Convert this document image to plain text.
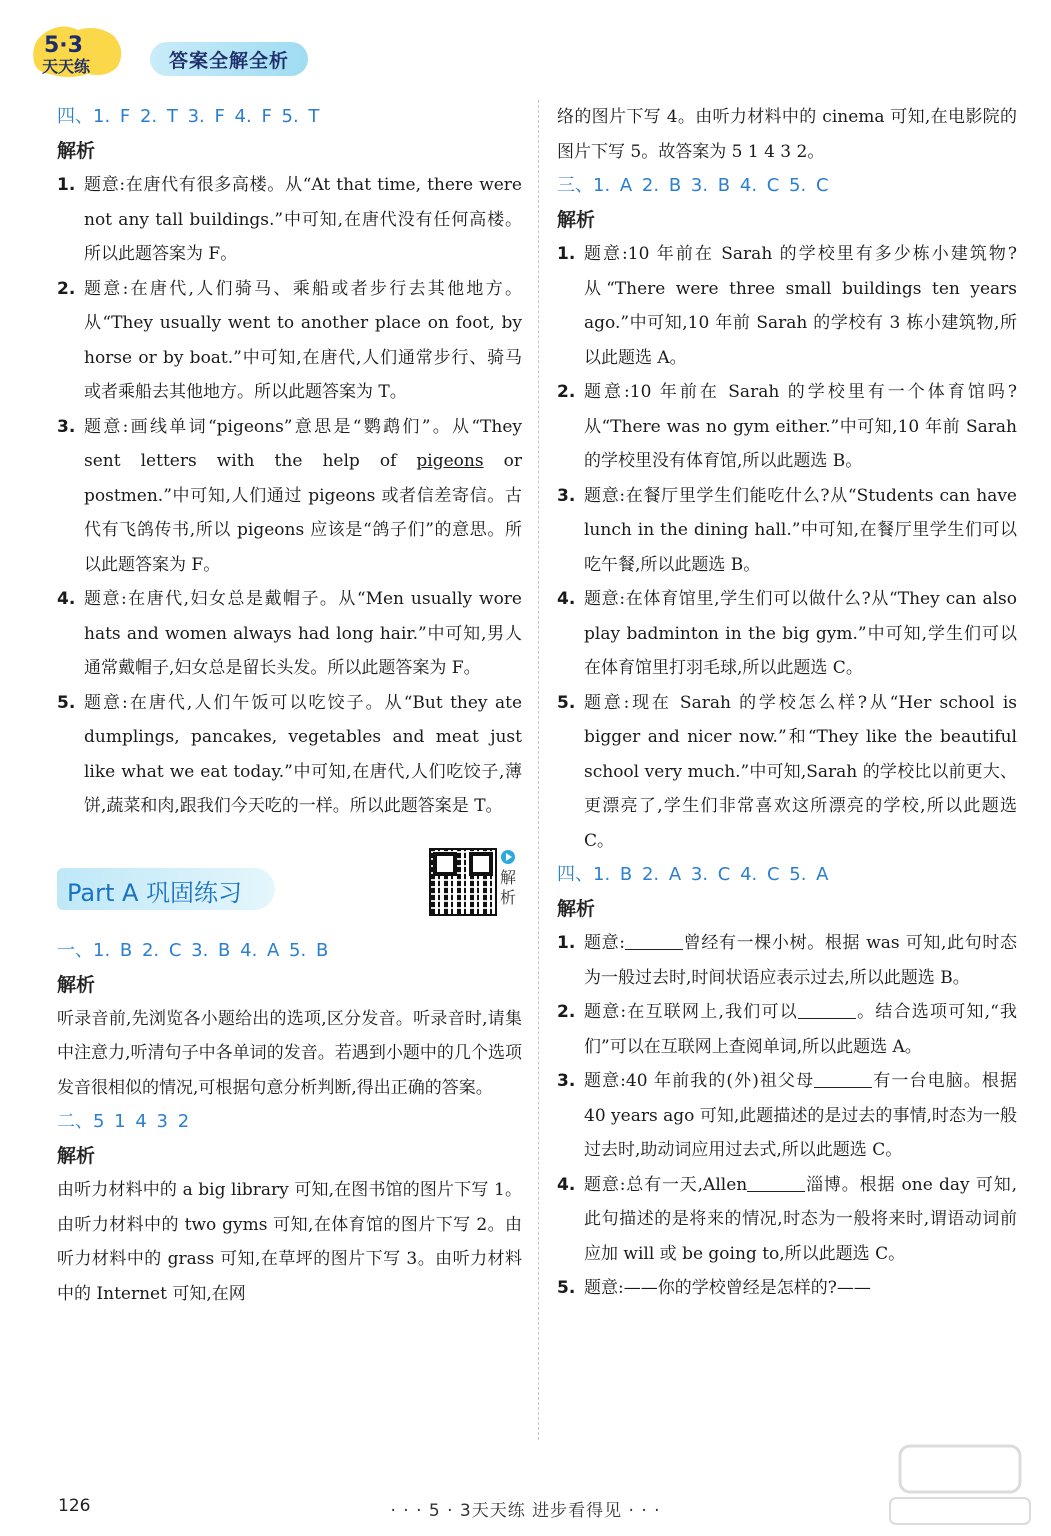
5·3
天天练	答案全解全析
四、1. F 2. T 3. F 4. F 5. T
解析
1. 题意:在唐代有很多高楼。从“At that time, there were not any tall buildings.”中可知,在唐代没有任何高楼。所以此题答案为 F。
2. 题意:在唐代,人们骑马、乘船或者步行去其他地方。从“They usually went to another place on foot, by horse or by boat.”中可知,在唐代,人们通常步行、骑马或者乘船去其他地方。所以此题答案为 T。
3. 题意:画线单词“pigeons”意思是“鹦鹉们”。从“They sent letters with the help of pigeons or postmen.”中可知,人们通过 pigeons 或者信差寄信。古代有飞鸽传书,所以 pigeons 应该是“鸽子们”的意思。所以此题答案为 F。
4. 题意:在唐代,妇女总是戴帽子。从“Men usually wore hats and women always had long hair.”中可知,男人通常戴帽子,妇女总是留长头发。所以此题答案为 F。
5. 题意:在唐代,人们午饭可以吃饺子。从“But they ate dumplings, pancakes, vegetables and meat just like what we eat today.”中可知,在唐代,人们吃饺子,薄饼,蔬菜和肉,跟我们今天吃的一样。所以此题答案是 T。
Part A 巩固练习
解析
一、1. B 2. C 3. B 4. A 5. B
解析
听录音前,先浏览各小题给出的选项,区分发音。听录音时,请集中注意力,听清句子中各单词的发音。若遇到小题中的几个选项发音很相似的情况,可根据句意分析判断,得出正确的答案。
二、5 1 4 3 2
解析
由听力材料中的 a big library 可知,在图书馆的图片下写 1。由听力材料中的 two gyms 可知,在体育馆的图片下写 2。由听力材料中的 grass 可知,在草坪的图片下写 3。由听力材料中的 Internet 可知,在网
络的图片下写 4。由听力材料中的 cinema 可知,在电影院的图片下写 5。故答案为 5 1 4 3 2。
三、1. A 2. B 3. B 4. C 5. C
解析
1. 题意:10 年前在 Sarah 的学校里有多少栋小建筑物?从“There were three small buildings ten years ago.”中可知,10 年前 Sarah 的学校有 3 栋小建筑物,所以此题选 A。
2. 题意:10 年前在 Sarah 的学校里有一个体育馆吗?从“There was no gym either.”中可知,10 年前 Sarah 的学校里没有体育馆,所以此题选 B。
3. 题意:在餐厅里学生们能吃什么?从“Students can have lunch in the dining hall.”中可知,在餐厅里学生们可以吃午餐,所以此题选 B。
4. 题意:在体育馆里,学生们可以做什么?从“They can also play badminton in the big gym.”中可知,学生们可以在体育馆里打羽毛球,所以此题选 C。
5. 题意:现在 Sarah 的学校怎么样?从“Her school is bigger and nicer now.”和“They like the beautiful school very much.”中可知,Sarah 的学校比以前更大、更漂亮了,学生们非常喜欢这所漂亮的学校,所以此题选 C。
四、1. B 2. A 3. C 4. C 5. A
解析
1. 题意:	曾经有一棵小树。根据 was 可知,此句时态为一般过去时,时间状语应表示过去,所以此题选 B。
2. 题意:在互联网上,我们可以	。结合选项可知,“我们”可以在互联网上查阅单词,所以此题选 A。
3. 题意:40 年前我的(外)祖父母	有一台电脑。根据 40 years ago 可知,此题描述的是过去的事情,时态为一般过去时,助动词应用过去式,所以此题选 C。
4. 题意:总有一天,Allen	淄博。根据 one day 可知,此句描述的是将来的情况,时态为一般将来时,谓语动词前应加 will 或 be going to,所以此题选 C。
5. 题意:——你的学校曾经是怎样的?——
126	· · · 5 · 3天天练 进步看得见 · · ·
